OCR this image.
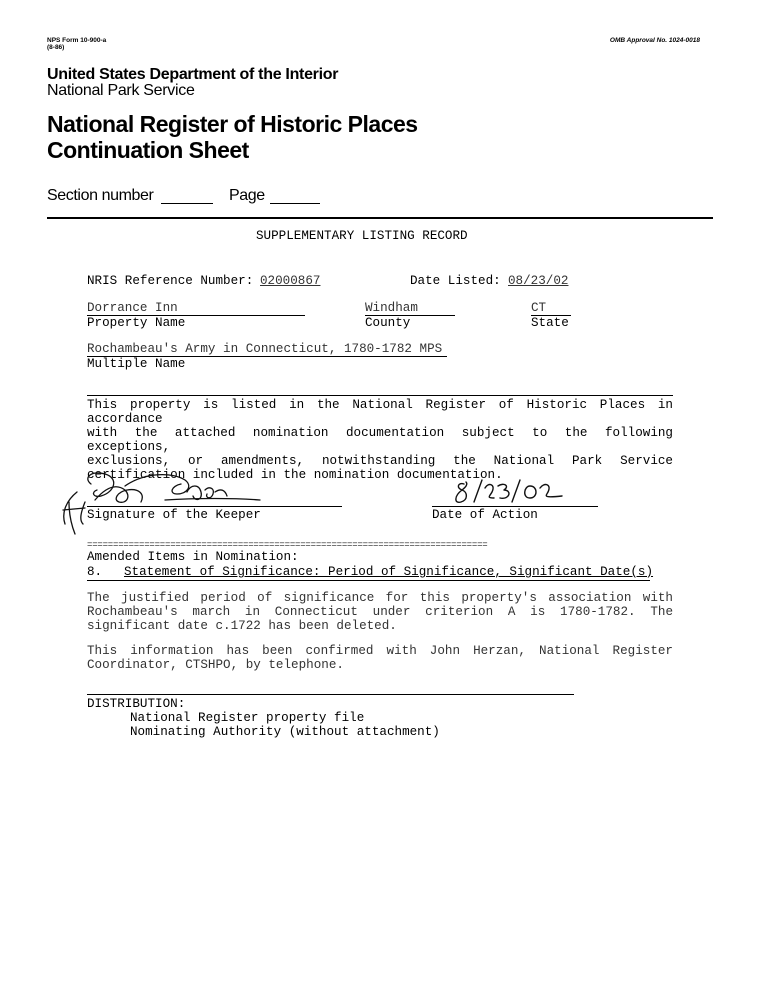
NPS Form 10-900-a
(8-86)
OMB Approval No. 1024-0018
United States Department of the Interior
National Park Service
National Register of Historic Places
Continuation Sheet
Section number	Page
SUPPLEMENTARY LISTING RECORD
NRIS Reference Number: 02000867	Date Listed: 08/23/02
Dorrance Inn
Property Name
Windham
County
CT
State
Rochambeau's Army in Connecticut, 1780-1782 MPS
Multiple Name
This property is listed in the National Register of Historic Places in accordance
with the attached nomination documentation subject to the following exceptions,
exclusions, or amendments, notwithstanding the National Park Service
certification included in the nomination documentation.
Signature of the Keeper	Date of Action
=============================================================================
Amended Items in Nomination:
8. Statement of Significance: Period of Significance, Significant Date(s)
The justified period of significance for this property's association with Rochambeau's march in Connecticut under criterion A is 1780-1782. The significant date c.1722 has been deleted.
This information has been confirmed with John Herzan, National Register Coordinator, CTSHPO, by telephone.
DISTRIBUTION:
National Register property file
Nominating Authority (without attachment)
